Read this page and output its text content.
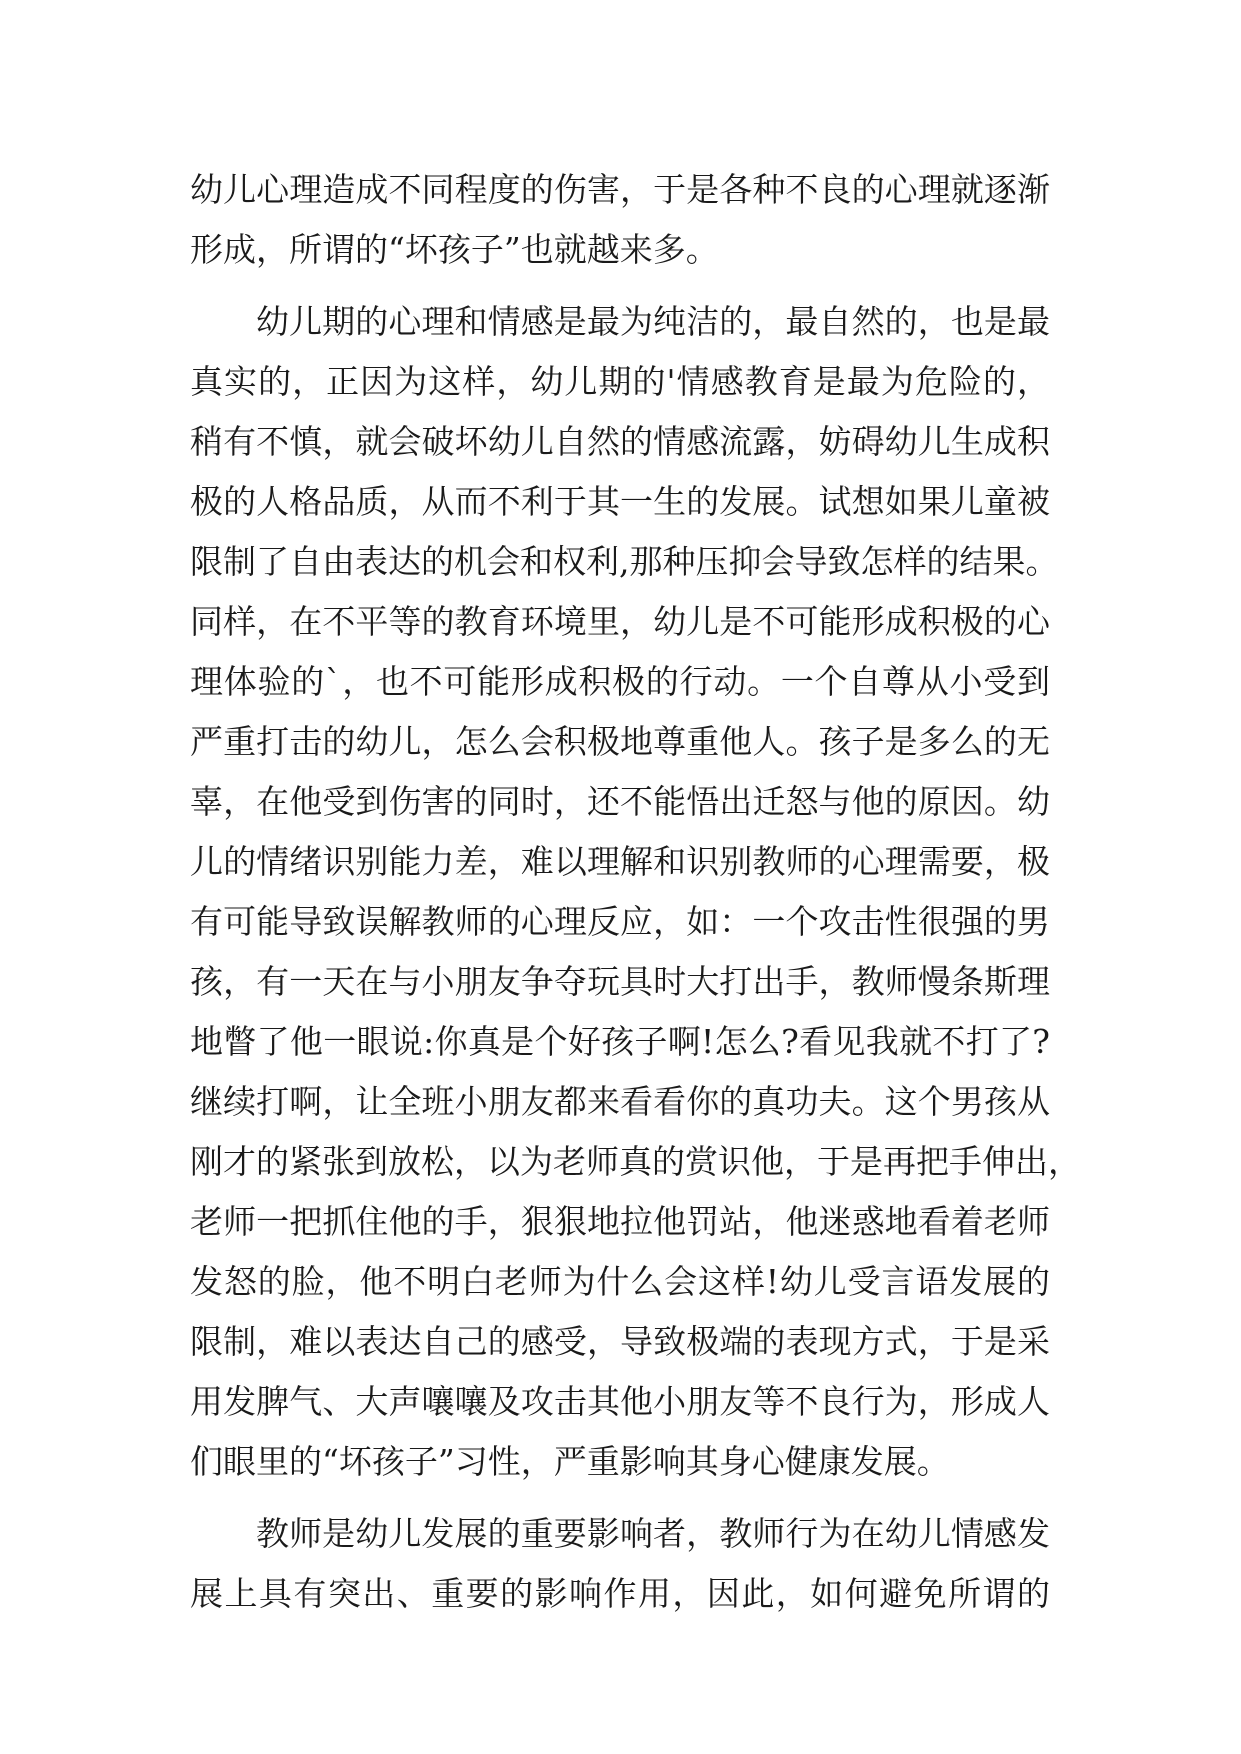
幼儿心理造成不同程度的伤害，于是各种不良的心理就逐渐
形成，所谓的“坏孩子”也就越来多。
幼儿期的心理和情感是最为纯洁的，最自然的，也是最
真实的，正因为这样，幼儿期的'情感教育是最为危险的，
稍有不慎，就会破坏幼儿自然的情感流露，妨碍幼儿生成积
极的人格品质，从而不利于其一生的发展。试想如果儿童被
限制了自由表达的机会和权利,那种压抑会导致怎样的结果。
同样，在不平等的教育环境里，幼儿是不可能形成积极的心
理体验的`，也不可能形成积极的行动。一个自尊从小受到
严重打击的幼儿，怎么会积极地尊重他人。孩子是多么的无
辜，在他受到伤害的同时，还不能悟出迁怒与他的原因。幼
儿的情绪识别能力差，难以理解和识别教师的心理需要，极
有可能导致误解教师的心理反应，如：一个攻击性很强的男
孩，有一天在与小朋友争夺玩具时大打出手，教师慢条斯理
地瞥了他一眼说:你真是个好孩子啊!怎么?看见我就不打了?
继续打啊，让全班小朋友都来看看你的真功夫。这个男孩从
刚才的紧张到放松，以为老师真的赏识他，于是再把手伸出，
老师一把抓住他的手，狠狠地拉他罚站，他迷惑地看着老师
发怒的脸，他不明白老师为什么会这样!幼儿受言语发展的
限制，难以表达自己的感受，导致极端的表现方式，于是采
用发脾气、大声嚷嚷及攻击其他小朋友等不良行为，形成人
们眼里的“坏孩子”习性，严重影响其身心健康发展。
教师是幼儿发展的重要影响者，教师行为在幼儿情感发
展上具有突出、重要的影响作用，因此，如何避免所谓的
